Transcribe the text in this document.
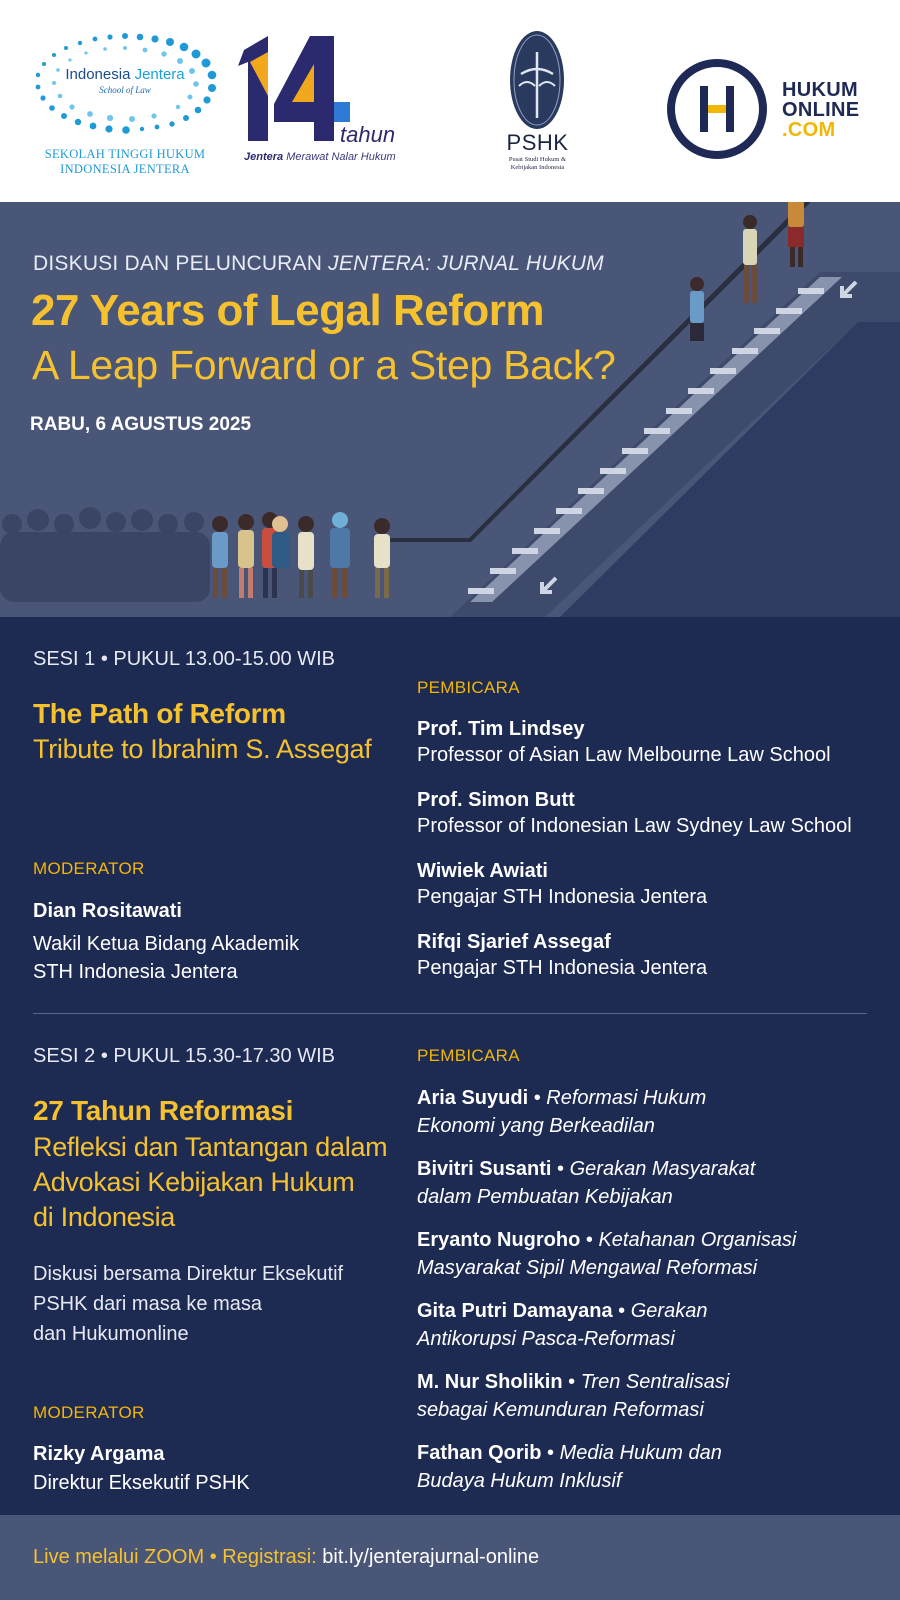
Indonesia Jentera
School of Law
SEKOLAH TINGGI HUKUM
INDONESIA JENTERA
tahun
Jentera Merawat Nalar Hukum
PSHK
Pusat Studi Hukum &
Kebijakan Indonesia
HUKUM
ONLINE
.COM
DISKUSI DAN PELUNCURAN JENTERA: JURNAL HUKUM
27 Years of Legal Reform
A Leap Forward or a Step Back?
RABU, 6 AGUSTUS 2025
SESI 1 • PUKUL 13.00-15.00 WIB
The Path of Reform
Tribute to Ibrahim S. Assegaf
MODERATOR
Dian Rositawati
Wakil Ketua Bidang Akademik
STH Indonesia Jentera
PEMBICARA
Prof. Tim Lindsey
Professor of Asian Law Melbourne Law School
Prof. Simon Butt
Professor of Indonesian Law Sydney Law School
Wiwiek Awiati
Pengajar STH Indonesia Jentera
Rifqi Sjarief Assegaf
Pengajar STH Indonesia Jentera
SESI 2 • PUKUL 15.30-17.30 WIB
27 Tahun Reformasi
Refleksi dan Tantangan dalam
Advokasi Kebijakan Hukum
di Indonesia
Diskusi bersama Direktur Eksekutif
PSHK dari masa ke masa
dan Hukumonline
MODERATOR
Rizky Argama
Direktur Eksekutif PSHK
PEMBICARA
Aria Suyudi • Reformasi Hukum
Ekonomi yang Berkeadilan
Bivitri Susanti • Gerakan Masyarakat
dalam Pembuatan Kebijakan
Eryanto Nugroho • Ketahanan Organisasi
Masyarakat Sipil Mengawal Reformasi
Gita Putri Damayana • Gerakan
Antikorupsi Pasca-Reformasi
M. Nur Sholikin • Tren Sentralisasi
sebagai Kemunduran Reformasi
Fathan Qorib • Media Hukum dan
Budaya Hukum Inklusif
Live melalui ZOOM • Registrasi: bit.ly/jenterajurnal-online
